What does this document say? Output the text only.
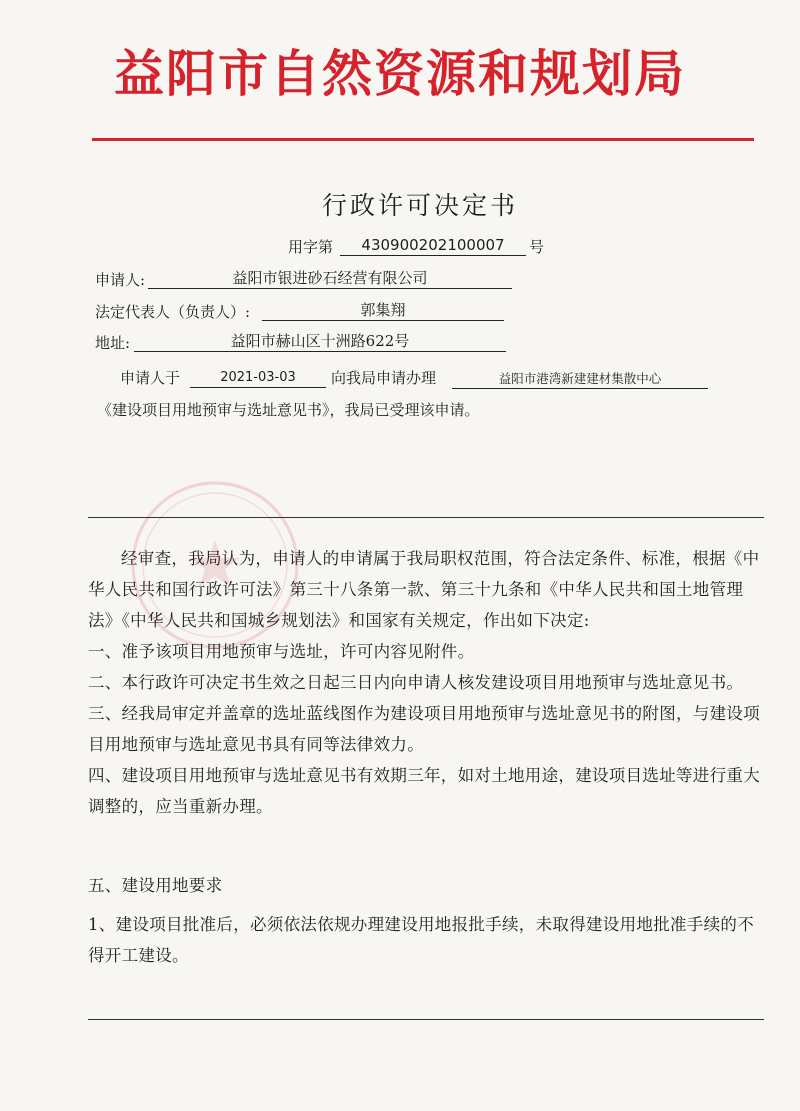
益阳市自然资源和规划局
行政许可决定书
用字第	430900202100007	号
申请人:	益阳市银进砂石经营有限公司
法定代表人（负责人）:	郭集翔
地址:	益阳市赫山区十洲路622号
申请人于	2021-03-03	向我局申请办理	益阳市港湾新建建材集散中心
《建设项目用地预审与选址意见书》，我局已受理该申请。

经审查，我局认为，申请人的申请属于我局职权范围，符合法定条件、标准，根据《中华人民共和国行政许可法》第三十八条第一款、第三十九条和《中华人民共和国土地管理法》《中华人民共和国城乡规划法》和国家有关规定，作出如下决定:

一、准予该项目用地预审与选址，许可内容见附件。

二、本行政许可决定书生效之日起三日内向申请人核发建设项目用地预审与选址意见书。

三、经我局审定并盖章的选址蓝线图作为建设项目用地预审与选址意见书的附图，与建设项目用地预审与选址意见书具有同等法律效力。

四、建设项目用地预审与选址意见书有效期三年，如对土地用途，建设项目选址等进行重大调整的，应当重新办理。

五、建设用地要求

1、建设项目批准后，必须依法依规办理建设用地报批手续，未取得建设用地批准手续的不得开工建设。
